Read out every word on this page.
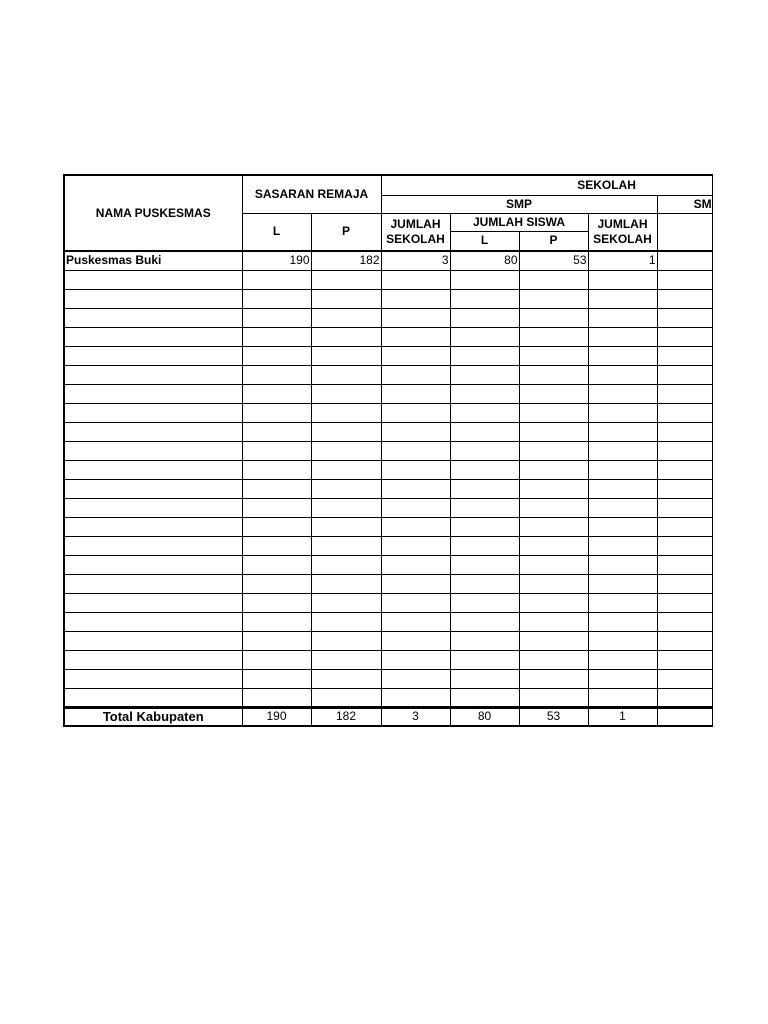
NAMA PUSKESMAS	SASARAN REMAJA		SEKOLAH				
			SMP				SM
	L	P	JUMLAH SEKOLAH	JUMLAH SISWA		JUMLAH SEKOLAH	
				L	P		
Puskesmas Buki	190	182	3	80	53	1	

Total Kabupaten	190	182	3	80	53	1	
